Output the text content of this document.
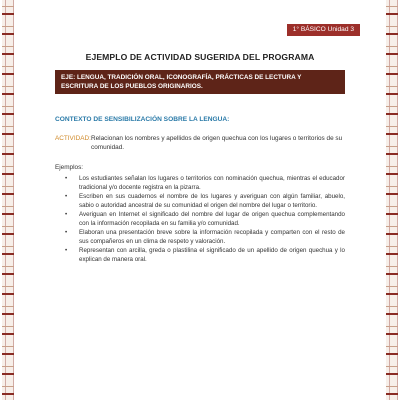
1° BÁSICO Unidad 3
EJEMPLO DE ACTIVIDAD SUGERIDA DEL PROGRAMA
EJE: LENGUA, TRADICIÓN ORAL, ICONOGRAFÍA, PRÁCTICAS DE LECTURA Y ESCRITURA DE LOS PUEBLOS ORIGINARIOS.
CONTEXTO DE SENSIBILIZACIÓN SOBRE LA LENGUA:
ACTIVIDAD: Relacionan los nombres y apellidos de origen quechua con los lugares o territorios de su comunidad.
Ejemplos:
• Los estudiantes señalan los lugares o territorios con nominación quechua, mientras el educador tradicional y/o docente registra en la pizarra.
• Escriben en sus cuadernos el nombre de los lugares y averiguan con algún familiar, abuelo, sabio o autoridad ancestral de su comunidad el origen del nombre del lugar o territorio.
• Averiguan en Internet el significado del nombre del lugar de origen quechua complementando con la información recopilada en su familia y/o comunidad.
• Elaboran una presentación breve sobre la información recopilada y comparten con el resto de sus compañeros en un clima de respeto y valoración.
• Representan con arcilla, greda o plastilina el significado de un apellido de origen quechua y lo explican de manera oral.
